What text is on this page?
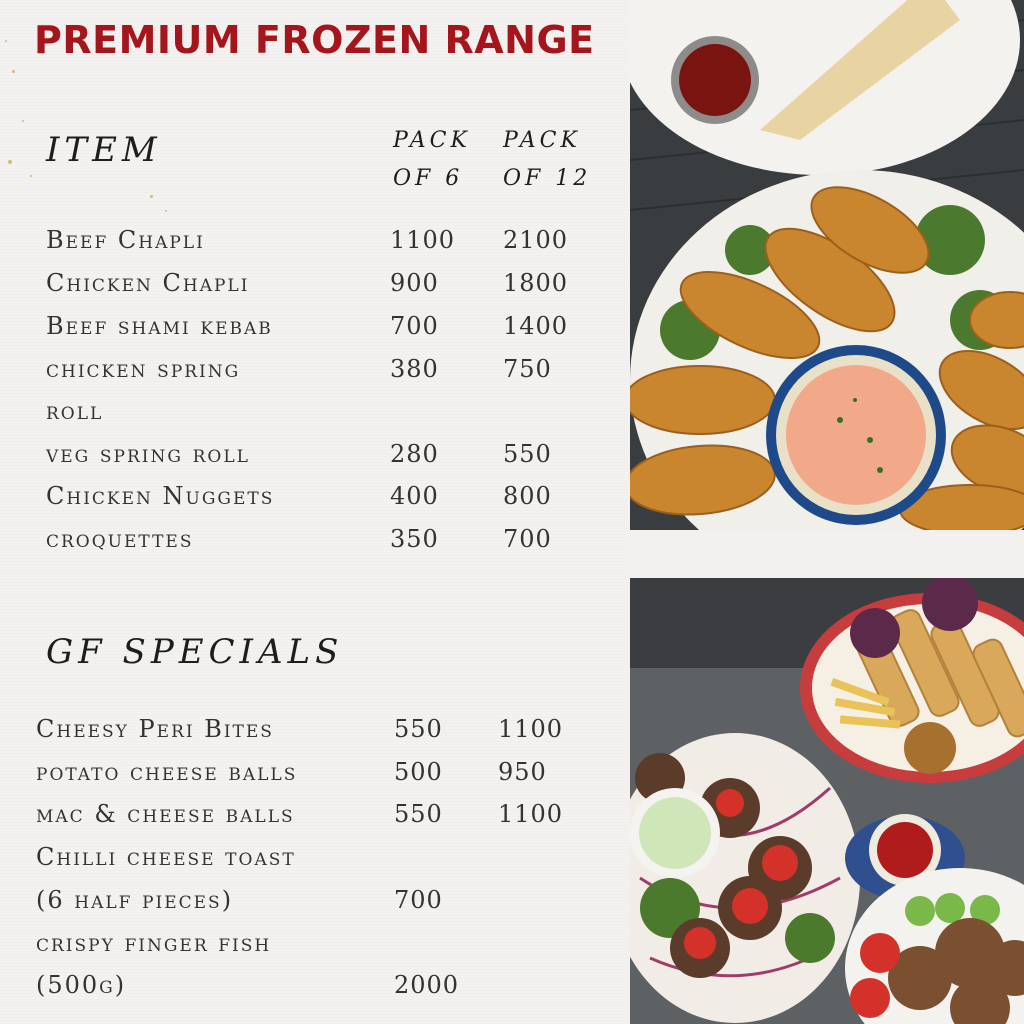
PREMIUM FROZEN RANGE
ITEM	PACK
OF 6
PACK
OF 12
Beef Chapli	1100 2100
Chicken Chapli	900	1800
Beef shami kebab	700	1400
chicken spring	380	750
roll
veg spring roll	280	550
Chicken Nuggets	400	800
croquettes	350	700
GF SPECIALS
Cheesy Peri Bites	550 1100
potato cheese balls	500 950
mac & cheese balls	550 1100
Chilli cheese toast
(6 half pieces)	700
crispy finger fish
(500g)	2000
